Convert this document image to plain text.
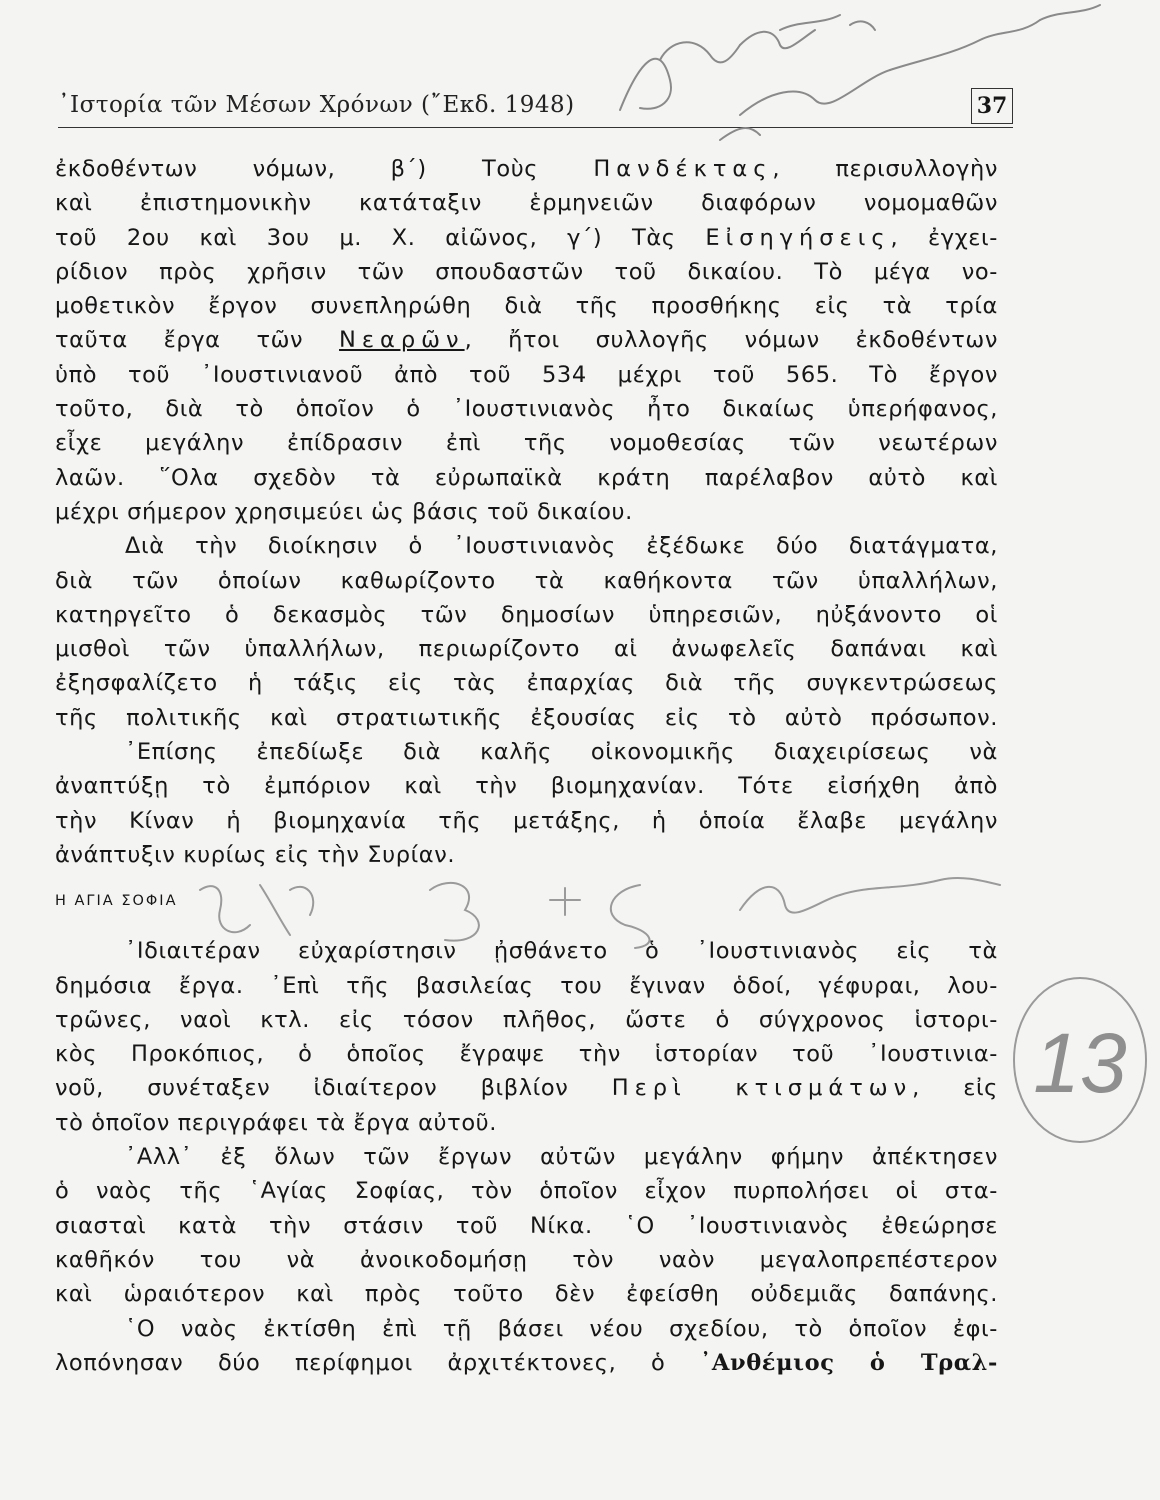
᾿Ιστορία τῶν Μέσων Χρόνων (῎Εκδ. 1948)	37
ἐκδοθέντων νόμων, β΄) Τοὺς Πανδέκτας, περισυλλογὴν
καὶ ἐπιστημονικὴν κατάταξιν ἑρμηνειῶν διαφόρων νομομαθῶν
τοῦ 2ου καὶ 3ου μ. Χ. αἰῶνος, γ΄) Τὰς Εἰσηγήσεις, ἐγχει-
ρίδιον πρὸς χρῆσιν τῶν σπουδαστῶν τοῦ δικαίου. Τὸ μέγα νο-
μοθετικὸν ἔργον συνεπληρώθη διὰ τῆς προσθήκης εἰς τὰ τρία
ταῦτα ἔργα τῶν Νεαρῶν, ἤτοι συλλογῆς νόμων ἐκδοθέντων
ὑπὸ τοῦ ᾿Ιουστινιανοῦ ἀπὸ τοῦ 534 μέχρι τοῦ 565. Τὸ ἔργον
τοῦτο, διὰ τὸ ὁποῖον ὁ ᾿Ιουστινιανὸς ἦτο δικαίως ὑπερήφανος,
εἶχε μεγάλην ἐπίδρασιν ἐπὶ τῆς νομοθεσίας τῶν νεωτέρων
λαῶν. ῞Ολα σχεδὸν τὰ εὐρωπαϊκὰ κράτη παρέλαβον αὐτὸ καὶ
μέχρι σήμερον χρησιμεύει ὡς βάσις τοῦ δικαίου.
Διὰ τὴν διοίκησιν ὁ ᾿Ιουστινιανὸς ἐξέδωκε δύο διατάγματα,
διὰ τῶν ὁποίων καθωρίζοντο τὰ καθήκοντα τῶν ὑπαλλήλων,
κατηργεῖτο ὁ δεκασμὸς τῶν δημοσίων ὑπηρεσιῶν, ηὐξάνοντο οἱ
μισθοὶ τῶν ὑπαλλήλων, περιωρίζοντο αἱ ἀνωφελεῖς δαπάναι καὶ
ἐξησφαλίζετο ἡ τάξις εἰς τὰς ἐπαρχίας διὰ τῆς συγκεντρώσεως
τῆς πολιτικῆς καὶ στρατιωτικῆς ἐξουσίας εἰς τὸ αὐτὸ πρόσωπον.
᾿Επίσης ἐπεδίωξε διὰ καλῆς οἰκονομικῆς διαχειρίσεως νὰ
ἀναπτύξῃ τὸ ἐμπόριον καὶ τὴν βιομηχανίαν. Τότε εἰσήχθη ἀπὸ
τὴν Κίναν ἡ βιομηχανία τῆς μετάξης, ἡ ὁποία ἔλαβε μεγάλην
ἀνάπτυξιν κυρίως εἰς τὴν Συρίαν.
Η ΑΓΙΑ ΣΟΦΙΑ
᾿Ιδιαιτέραν εὐχαρίστησιν ᾐσθάνετο ὁ ᾿Ιουστινιανὸς εἰς τὰ
δημόσια ἔργα. ᾿Επὶ τῆς βασιλείας του ἔγιναν ὁδοί, γέφυραι, λου-
τρῶνες, ναοὶ κτλ. εἰς τόσον πλῆθος, ὥστε ὁ σύγχρονος ἱστορι-
κὸς Προκόπιος, ὁ ὁποῖος ἔγραψε τὴν ἱστορίαν τοῦ ᾿Ιουστινια-
νοῦ, συνέταξεν ἰδιαίτερον βιβλίον Περὶ κτισμάτων, εἰς
τὸ ὁποῖον περιγράφει τὰ ἔργα αὐτοῦ.
᾿Αλλ᾿ ἐξ ὅλων τῶν ἔργων αὐτῶν μεγάλην φήμην ἀπέκτησεν
ὁ ναὸς τῆς ῾Αγίας Σοφίας, τὸν ὁποῖον εἶχον πυρπολήσει οἱ στα-
σιασταὶ κατὰ τὴν στάσιν τοῦ Νίκα. ῾Ο ᾿Ιουστινιανὸς ἐθεώρησε
καθῆκόν του νὰ ἀνοικοδομήσῃ τὸν ναὸν μεγαλοπρεπέστερον
καὶ ὡραιότερον καὶ πρὸς τοῦτο δὲν ἐφείσθη οὐδεμιᾶς δαπάνης.
῾Ο ναὸς ἐκτίσθη ἐπὶ τῇ βάσει νέου σχεδίου, τὸ ὁποῖον ἐφι-
λοπόνησαν δύο περίφημοι ἀρχιτέκτονες, ὁ ᾿Ανθέμιος ὁ Τραλ-
13
